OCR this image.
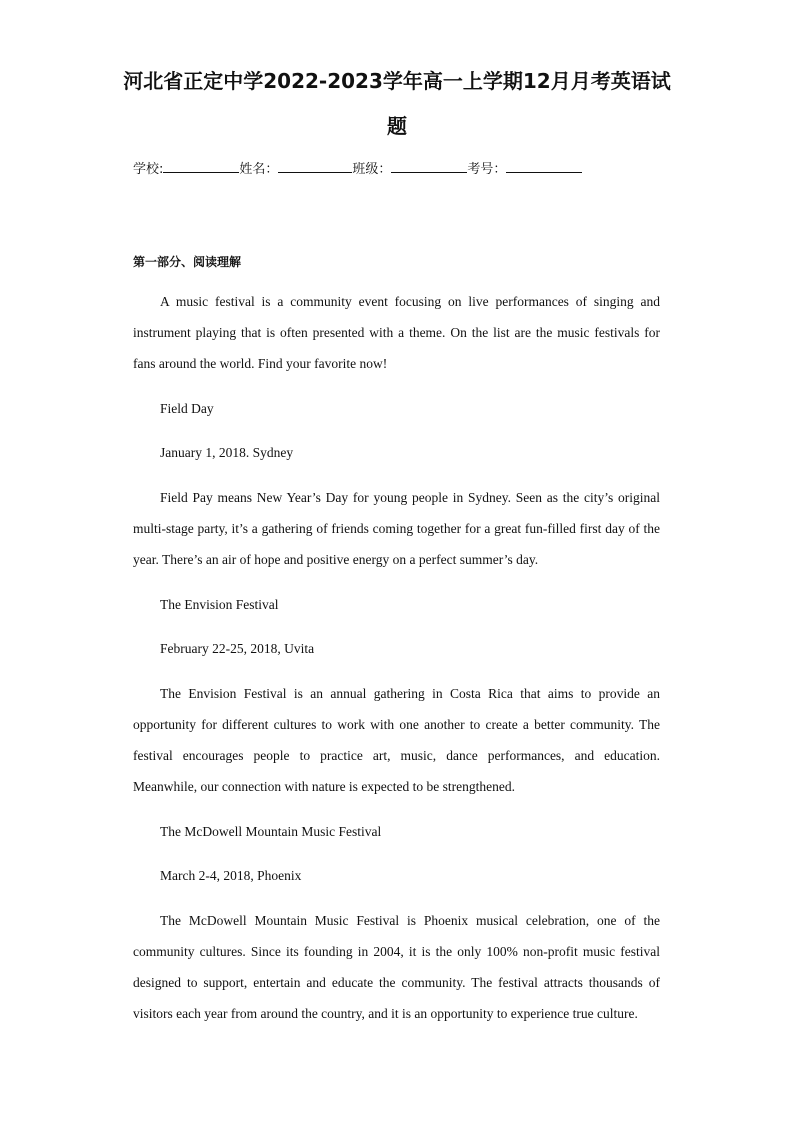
河北省正定中学2022-2023学年高一上学期12月月考英语试
题
学校:	姓名：	班级：	考号：
第一部分、阅读理解

A music festival is a community event focusing on live performances of singing and instrument playing that is often presented with a theme. On the list are the music festivals for fans around the world. Find your favorite now!

Field Day
January 1, 2018. Sydney

Field Pay means New Year’s Day for young people in Sydney. Seen as the city’s original multi-stage party, it’s a gathering of friends coming together for a great fun-filled first day of the year. There’s an air of hope and positive energy on a perfect summer’s day.

The Envision Festival
February 22-25, 2018, Uvita

The Envision Festival is an annual gathering in Costa Rica that aims to provide an opportunity for different cultures to work with one another to create a better community. The festival encourages people to practice art, music, dance performances, and education. Meanwhile, our connection with nature is expected to be strengthened.

The McDowell Mountain Music Festival
March 2-4, 2018, Phoenix

The McDowell Mountain Music Festival is Phoenix musical celebration, one of the community cultures. Since its founding in 2004, it is the only 100% non-profit music festival designed to support, entertain and educate the community. The festival attracts thousands of visitors each year from around the country, and it is an opportunity to experience true culture.
